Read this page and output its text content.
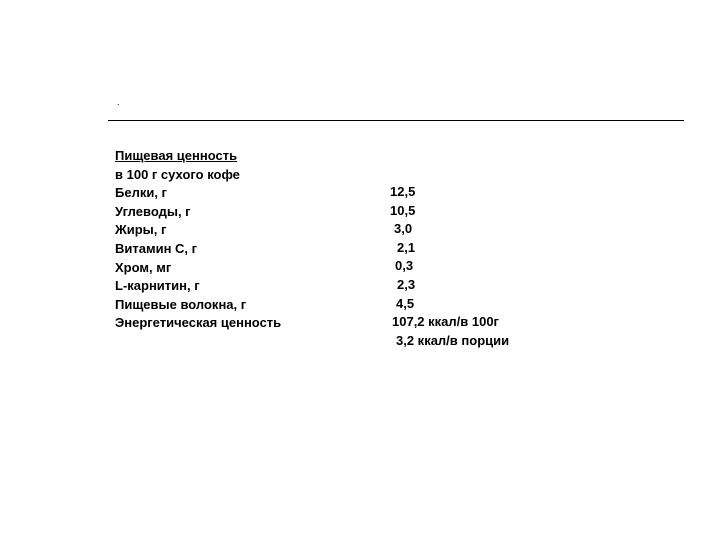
.
Пищевая ценность
в 100 г сухого кофе
Белки, г
Углеводы, г
Жиры, г
Витамин С, г
Хром, мг
L-карнитин, г
Пищевые волокна, г
Энергетическая ценность
12,5
10,5
3,0
2,1
0,3
2,3
4,5
107,2 ккал/в 100г
3,2 ккал/в порции
